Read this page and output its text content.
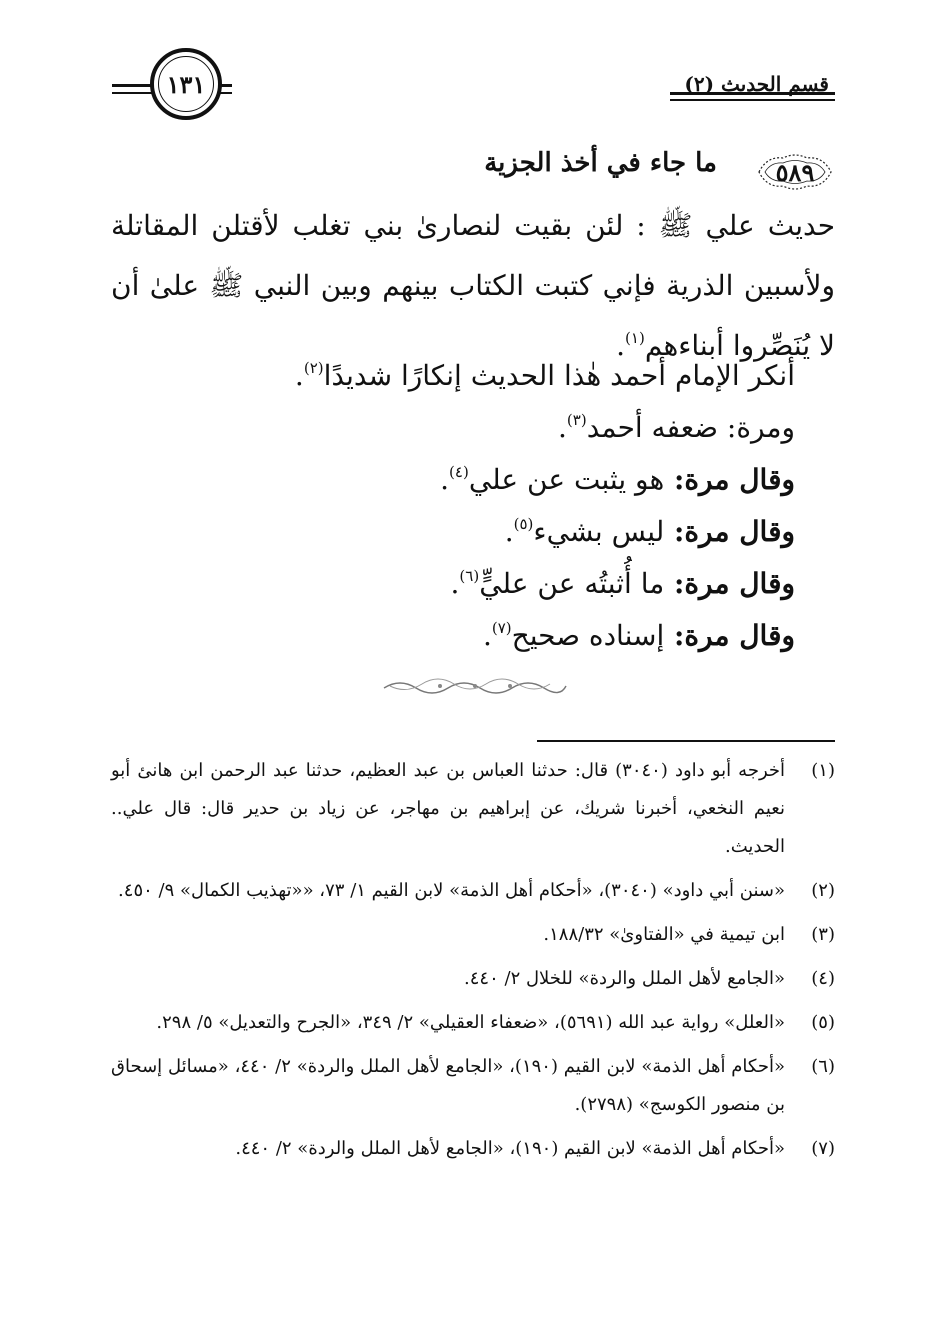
١٣١	قسم الحديث (٢)
٥٨٩
ما جاء في أخذ الجزية

حديث علي ﷺ : لئن بقيت لنصارىٰ بني تغلب لأقتلن المقاتلة

ولأسبين الذرية فإني كتبت الكتاب بينهم وبين النبي ﷺ علىٰ أن

لا يُنَصِّروا أبناءهم$^{(١)}$.

أنكر الإمام أحمد هٰذا الحديث إنكارًا شديدًا$^{(٢)}$.

ومرة: ضعفه أحمد$^{(٣)}$.

وقال مرة: هو يثبت عن علي$^{(٤)}$.

وقال مرة: ليس بشيء$^{(٥)}$.

وقال مرة: ما أُثبتُه عن عليٍّ$^{(٦)}$.

وقال مرة: إسناده صحيح$^{(٧)}$.

(١)
أخرجه أبو داود (٣٠٤٠) قال: حدثنا العباس بن عبد العظيم، حدثنا عبد الرحمن ابن هانئ أبو نعيم النخعي، أخبرنا شريك، عن إبراهيم بن مهاجر، عن زياد بن حدير قال: قال علي.. الحديث.
(٢)
«سنن أبي داود» (٣٠٤٠)، «أحكام أهل الذمة» لابن القيم ١/ ٧٣، ««تهذيب الكمال» ٩/ ٤٥٠.
(٣)
ابن تيمية في «الفتاوىٰ» ١٨٨/٣٢.
(٤)
«الجامع لأهل الملل والردة» للخلال ٢/ ٤٤٠.
(٥)
«العلل» رواية عبد الله (٥٦٩١)، «ضعفاء العقيلي» ٢/ ٣٤٩، «الجرح والتعديل» ٥/ ٢٩٨.
(٦)
«أحكام أهل الذمة» لابن القيم (١٩٠)، «الجامع لأهل الملل والردة» ٢/ ٤٤٠، «مسائل إسحاق بن منصور الكوسج» (٢٧٩٨).
(٧)
«أحكام أهل الذمة» لابن القيم (١٩٠)، «الجامع لأهل الملل والردة» ٢/ ٤٤٠.
